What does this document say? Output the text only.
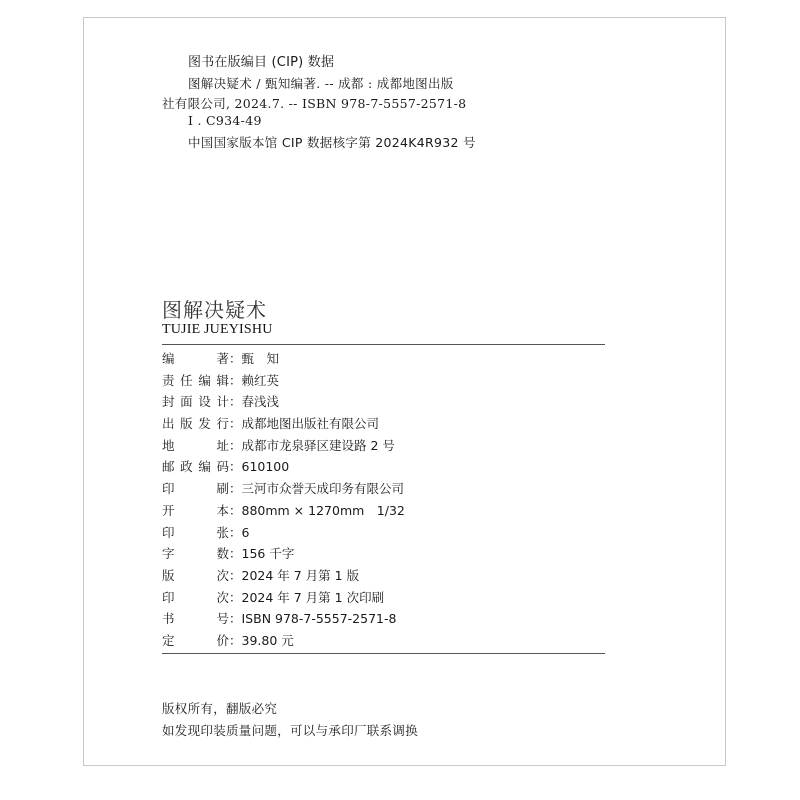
图书在版编目 (CIP) 数据
图解决疑术 / 甄知编著. -- 成都 : 成都地图出版
社有限公司, 2024.7. -- ISBN 978-7-5557-2571-8
I . C934-49
中国国家版本馆 CIP 数据核字第 2024K4R932 号
图解决疑术
TUJIE JUEYISHU
编 著 ：甄　知
责任编辑 ：赖红英
封面设计 ：春浅浅
出版发行 ：成都地图出版社有限公司
地 址 ：成都市龙泉驿区建设路 2 号
邮政编码 ：610100
印 刷 ：三河市众誉天成印务有限公司
开 本 ：880mm × 1270mm　1/32
印 张 ：6
字 数 ：156 千字
版 次 ：2024 年 7 月第 1 版
印 次 ：2024 年 7 月第 1 次印刷
书 号 ：ISBN 978-7-5557-2571-8
定 价 ：39.80 元
版权所有，翻版必究
如发现印装质量问题，可以与承印厂联系调换
